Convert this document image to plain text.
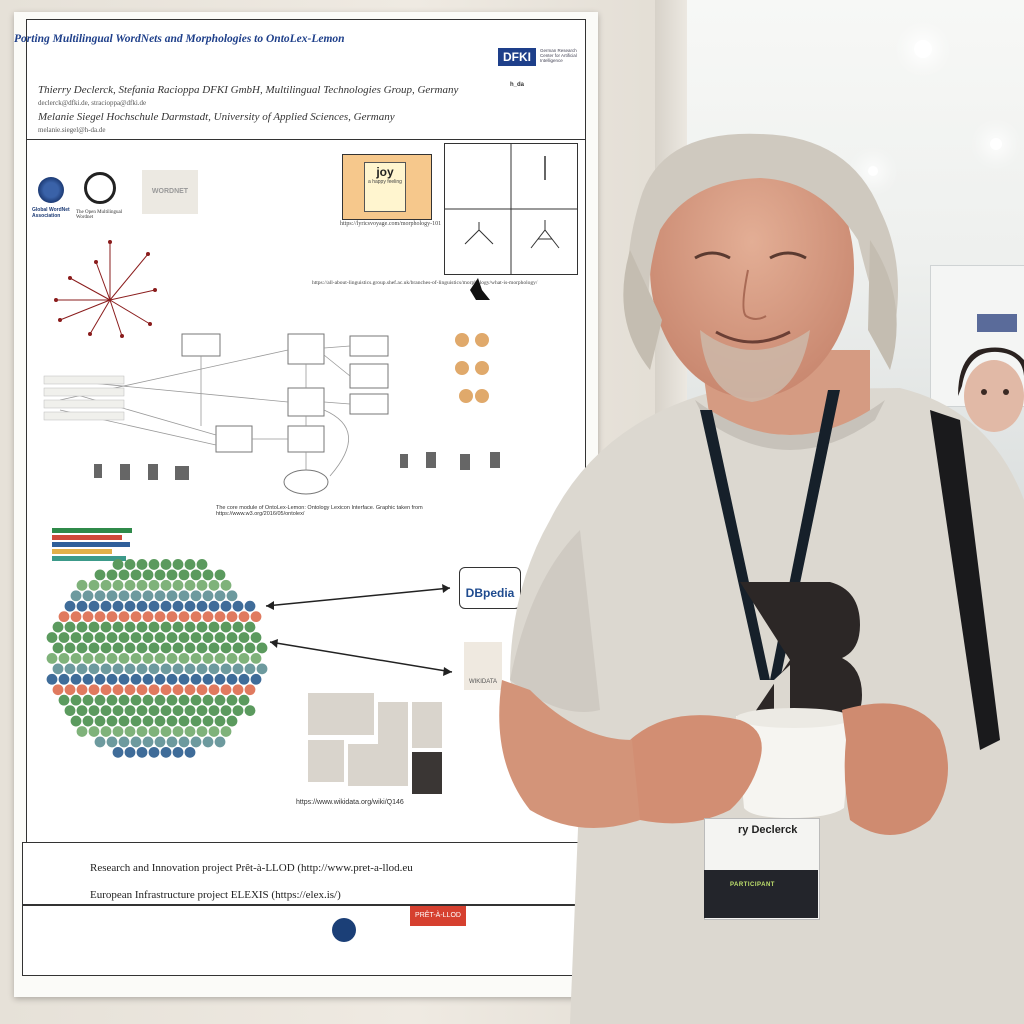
Porting Multilingual WordNets and Morphologies to OntoLex-Lemon
Thierry Declerck, Stefania Racioppa DFKI GmbH, Multilingual Technologies Group, Germany
declerck@dfki.de, stracioppa@dfki.de
Melanie Siegel Hochschule Darmstadt, University of Applied Sciences, Germany
melanie.siegel@h-da.de
DFKI	German Research Center for Artificial Intelligence
h_da
Global WordNet Association
The Open Multilingual Wordnet
WORDNET
joy
a happy feeling
https://lyricsvoyage.com/morphology-101
https://all-about-linguistics.group.shef.ac.uk/branches-of-linguistics/morphology/what-is-morphology/
The core module of OntoLex-Lemon: Ontology Lexicon Interface. Graphic taken from https://www.w3.org/2016/05/ontolex/
DBpedia
WIKIDATA
https://www.wikidata.org/wiki/Q146
Research and Innovation project Prêt-à-LLOD (http://www.pret-a-llod.eu
European Infrastructure project ELEXIS (https://elex.is/)
PRÊT-À-LLOD
ry Declerck
PARTICIPANT
